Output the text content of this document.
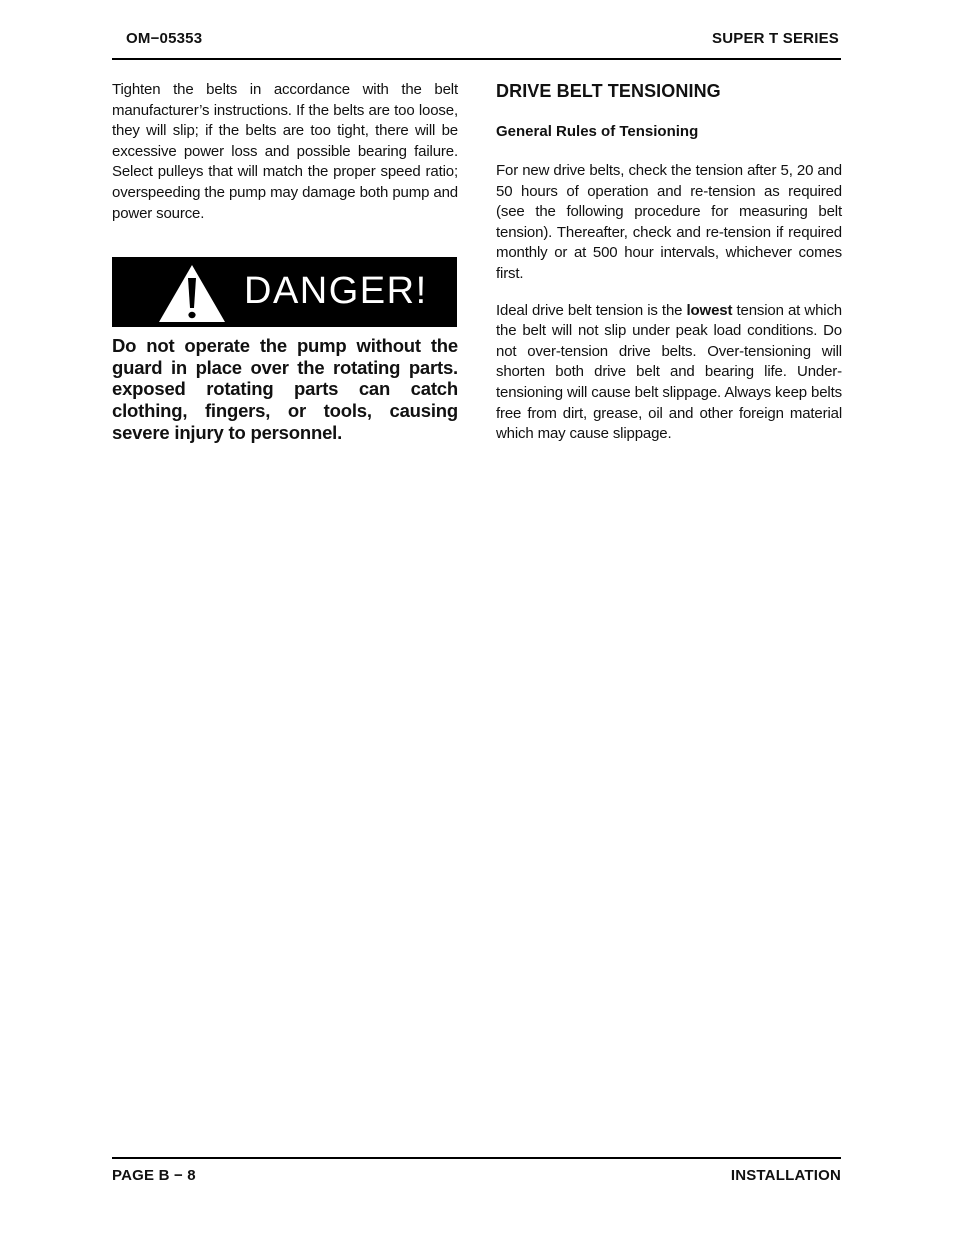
OM−05353	SUPER T SERIES

Tighten the belts in accordance with the belt manufacturer’s instructions. If the belts are too loose, they will slip; if the belts are too tight, there will be excessive power loss and possible bearing failure. Select pulleys that will match the proper speed ratio; overspeeding the pump may damage both pump and power source.

DANGER!

Do not operate the pump without the guard in place over the rotating parts. exposed rotating parts can catch clothing, fingers, or tools, causing severe injury to personnel.

DRIVE BELT TENSIONING
General Rules of Tensioning

For new drive belts, check the tension after 5, 20 and 50 hours of operation and re-tension as required (see the following procedure for measuring belt tension). Thereafter, check and re-tension if required monthly or at 500 hour intervals, whichever comes first.

Ideal drive belt tension is the lowest tension at which the belt will not slip under peak load conditions. Do not over-tension drive belts. Over-tensioning will shorten both drive belt and bearing life. Under-tensioning will cause belt slippage. Always keep belts free from dirt, grease, oil and other foreign material which may cause slippage.

PAGE B − 8	INSTALLATION
